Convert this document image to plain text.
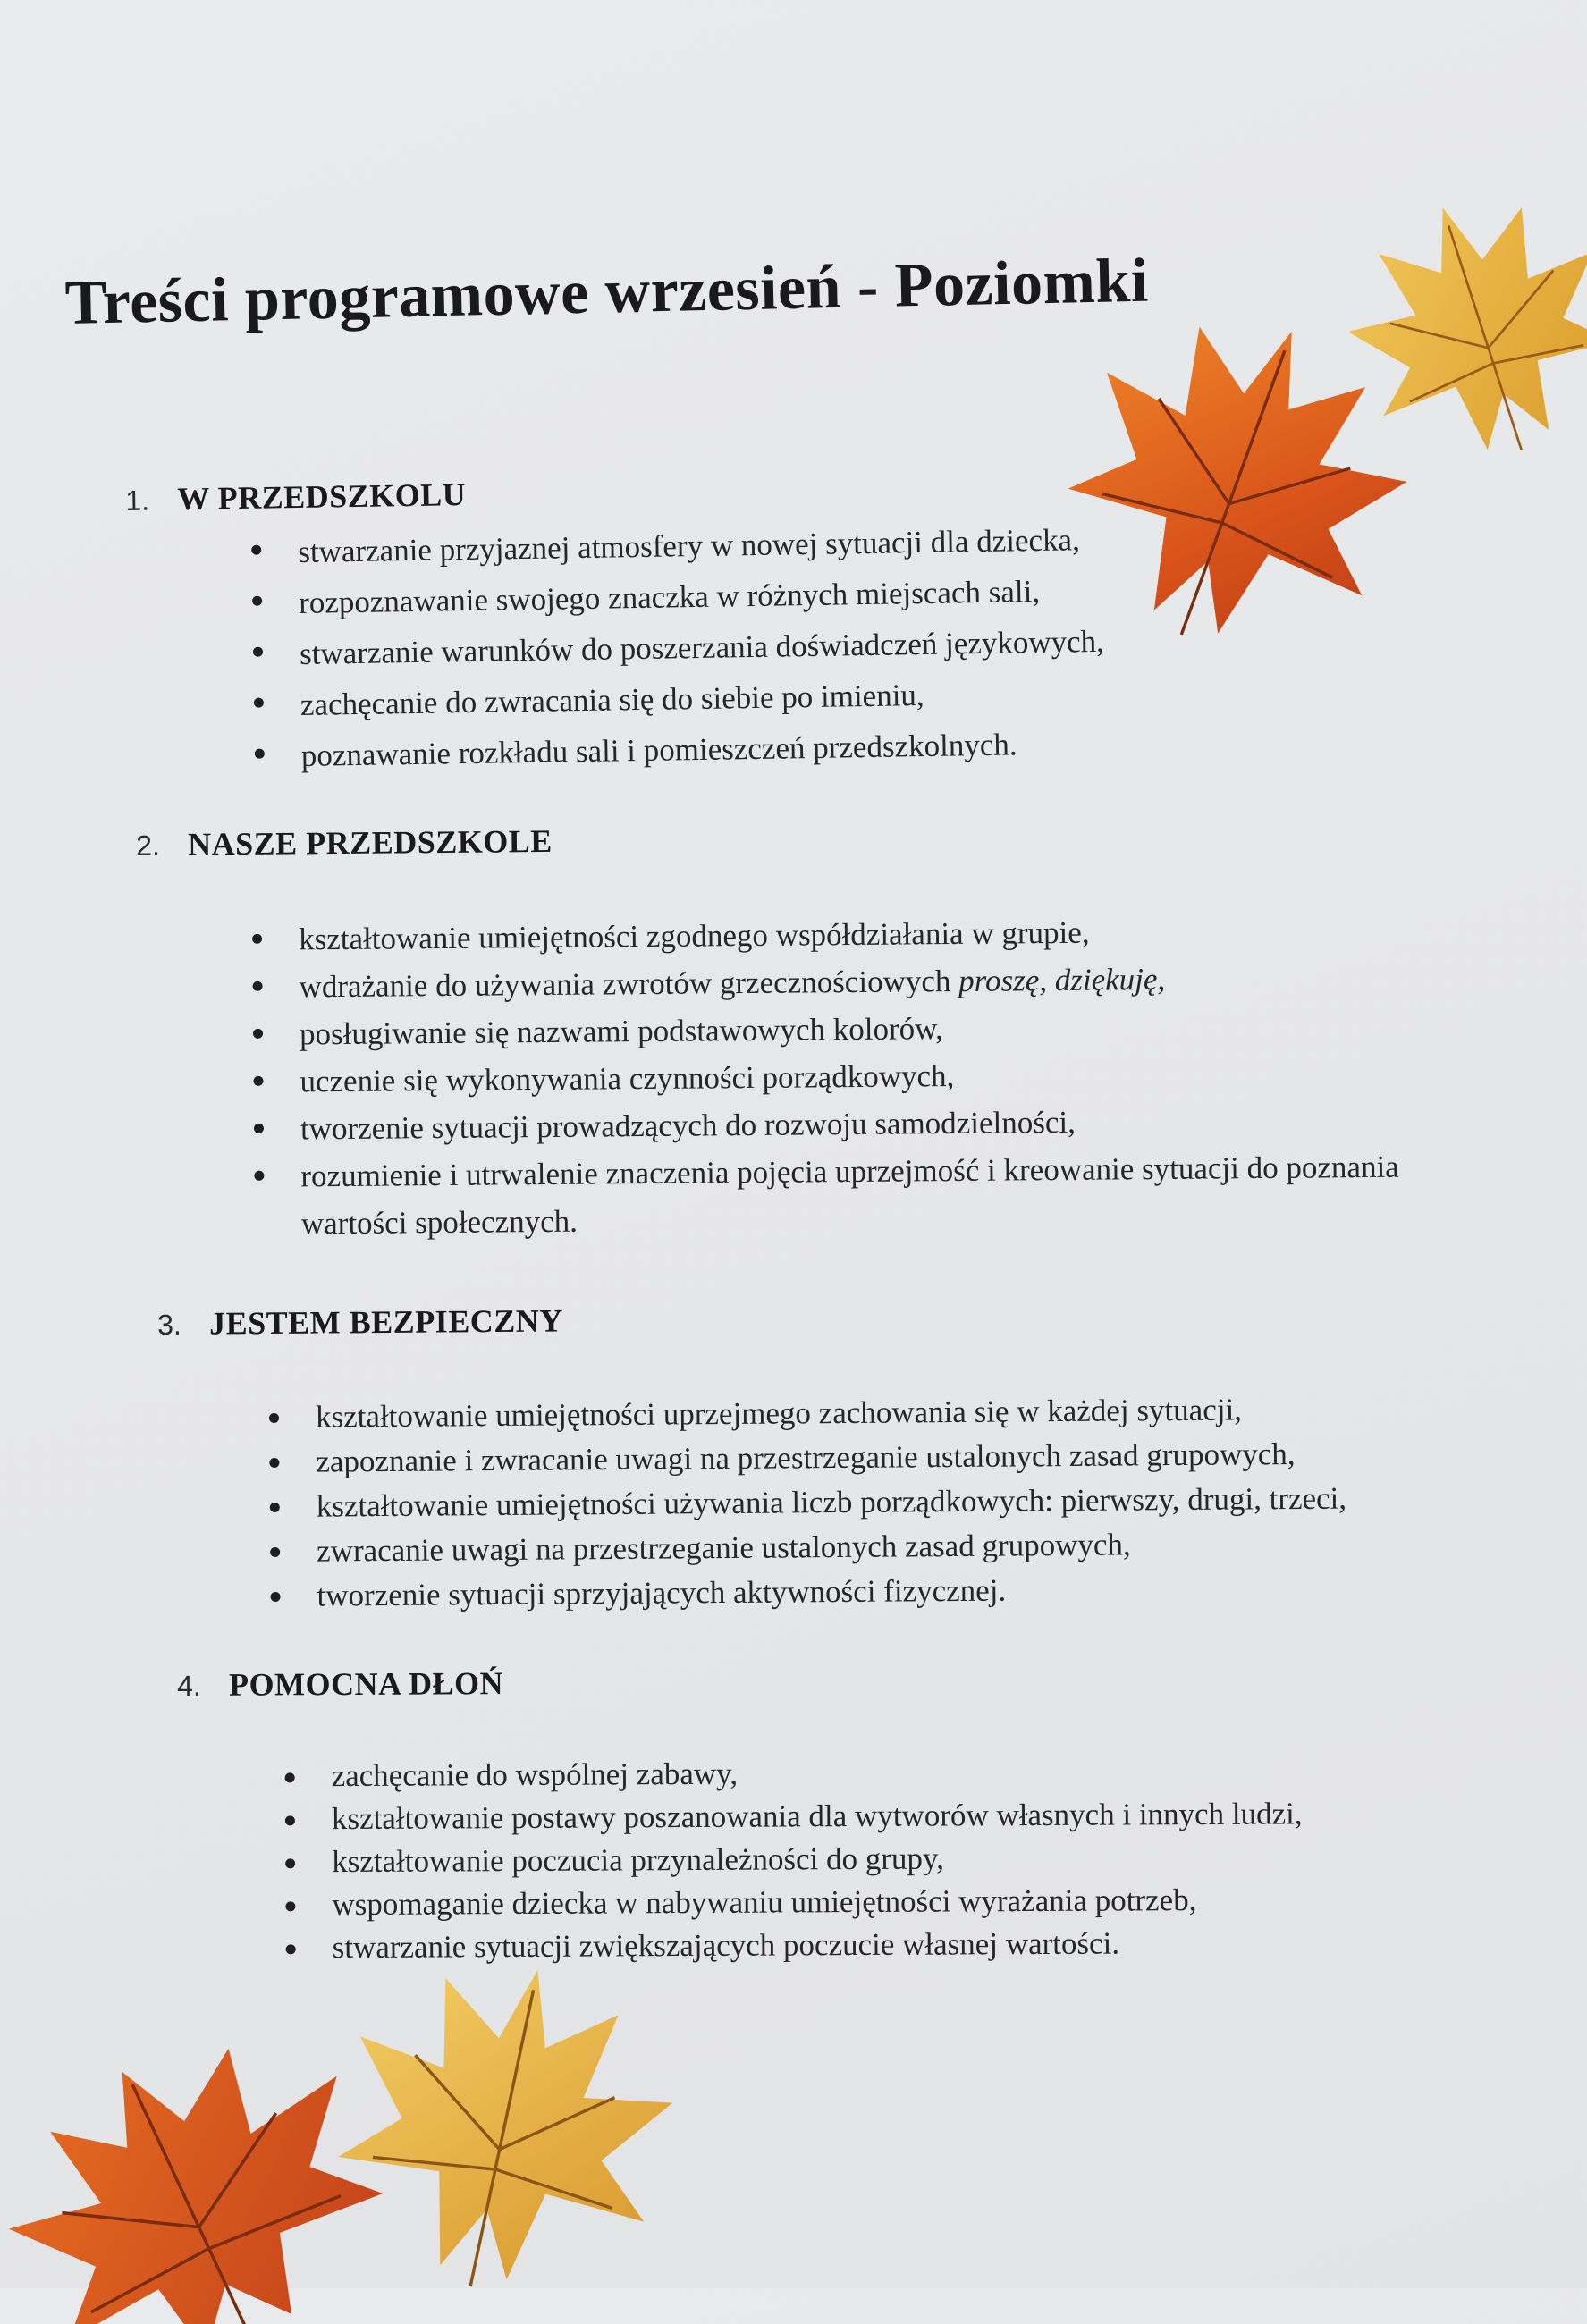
Treści programowe wrzesień - Poziomki
1. W PRZEDSZKOLU
stwarzanie przyjaznej atmosfery w nowej sytuacji dla dziecka,
rozpoznawanie swojego znaczka w różnych miejscach sali,
stwarzanie warunków do poszerzania doświadczeń językowych,
zachęcanie do zwracania się do siebie po imieniu,
poznawanie rozkładu sali i pomieszczeń przedszkolnych.
2. NASZE PRZEDSZKOLE
kształtowanie umiejętności zgodnego współdziałania w grupie,
wdrażanie do używania zwrotów grzecznościowych proszę, dziękuję,
posługiwanie się nazwami podstawowych kolorów,
uczenie się wykonywania czynności porządkowych,
tworzenie sytuacji prowadzących do rozwoju samodzielności,
rozumienie i utrwalenie znaczenia pojęcia uprzejmość i kreowanie sytuacji do poznania wartości społecznych.
3. JESTEM BEZPIECZNY
kształtowanie umiejętności uprzejmego zachowania się w każdej sytuacji,
zapoznanie i zwracanie uwagi na przestrzeganie ustalonych zasad grupowych,
kształtowanie umiejętności używania liczb porządkowych: pierwszy, drugi, trzeci,
zwracanie uwagi na przestrzeganie ustalonych zasad grupowych,
tworzenie sytuacji sprzyjających aktywności fizycznej.
4. POMOCNA DŁOŃ
zachęcanie do wspólnej zabawy,
kształtowanie postawy poszanowania dla wytworów własnych i innych ludzi,
kształtowanie poczucia przynależności do grupy,
wspomaganie dziecka w nabywaniu umiejętności wyrażania potrzeb,
stwarzanie sytuacji zwiększających poczucie własnej wartości.
